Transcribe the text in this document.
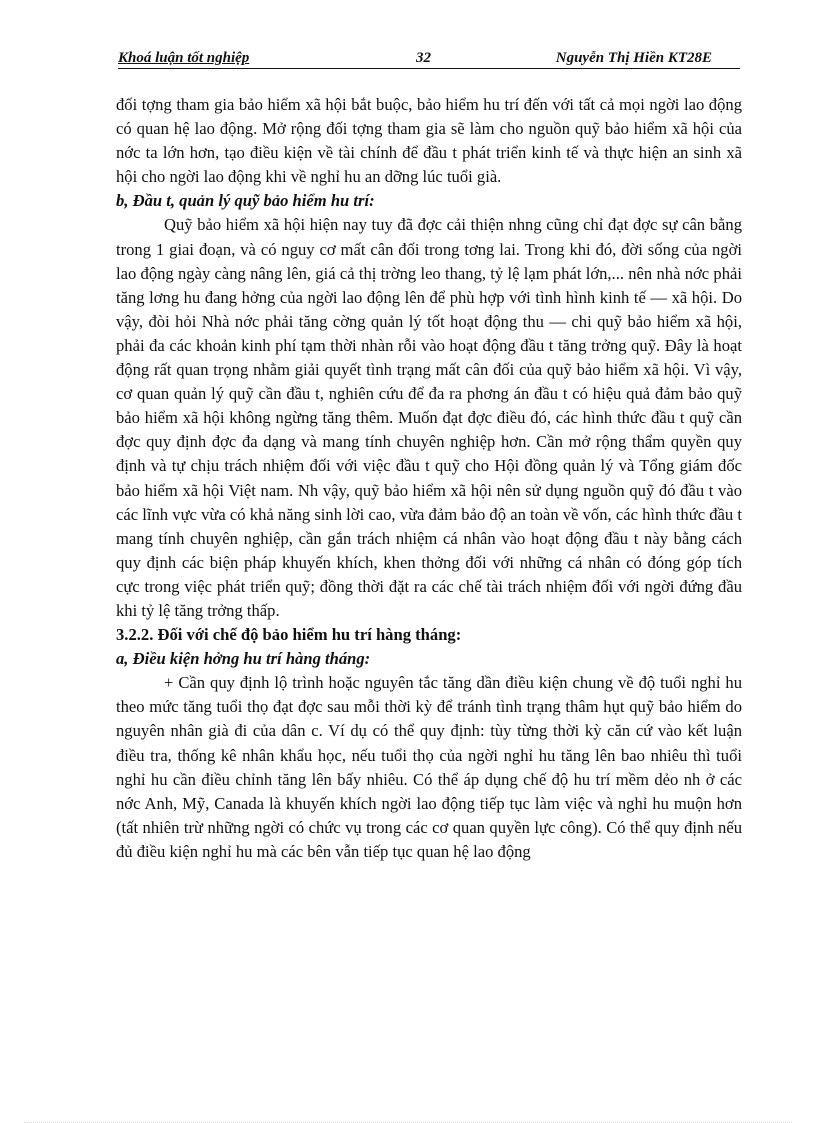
Khoá luận tốt nghiệp	32	Nguyễn Thị Hiền KT28E

đối tợng tham gia bảo hiểm xã hội bắt buộc, bảo hiểm hu trí đến với tất cả mọi ngời lao động có quan hệ lao động. Mở rộng đối tợng tham gia sẽ làm cho nguồn quỹ bảo hiểm xã hội của nớc ta lớn hơn, tạo điều kiện về tài chính để đầu t phát triển kinh tế và thực hiện an sinh xã hội cho ngời lao động khi về nghỉ hu an dỡng lúc tuổi già.

b, Đầu t, quản lý quỹ bảo hiểm hu trí:

Quỹ bảo hiểm xã hội hiện nay tuy đã đợc cải thiện nhng cũng chỉ đạt đợc sự cân bằng trong 1 giai đoạn, và có nguy cơ mất cân đối trong tơng lai. Trong khi đó, đời sống của ngời lao động ngày càng nâng lên, giá cả thị trờng leo thang, tỷ lệ lạm phát lớn,... nên nhà nớc phải tăng lơng hu đang hởng của ngời lao động lên để phù hợp với tình hình kinh tế — xã hội. Do vậy, đòi hỏi Nhà nớc phải tăng cờng quản lý tốt hoạt động thu — chi quỹ bảo hiểm xã hội, phải đa các khoản kinh phí tạm thời nhàn rỗi vào hoạt động đầu t tăng trởng quỹ. Đây là hoạt động rất quan trọng nhằm giải quyết tình trạng mất cân đối của quỹ bảo hiểm xã hội. Vì vậy, cơ quan quản lý quỹ cần đầu t, nghiên cứu để đa ra phơng án đầu t có hiệu quả đảm bảo quỹ bảo hiểm xã hội không ngừng tăng thêm. Muốn đạt đợc điều đó, các hình thức đầu t quỹ cần đợc quy định đợc đa dạng và mang tính chuyên nghiệp hơn. Cần mở rộng thẩm quyền quy định và tự chịu trách nhiệm đối với việc đầu t quỹ cho Hội đồng quản lý và Tổng giám đốc bảo hiểm xã hội Việt nam. Nh vậy, quỹ bảo hiểm xã hội nên sử dụng nguồn quỹ đó đầu t vào các lĩnh vực vừa có khả năng sinh lời cao, vừa đảm bảo độ an toàn về vốn, các hình thức đầu t mang tính chuyên nghiệp, cần gắn trách nhiệm cá nhân vào hoạt động đầu t này bằng cách quy định các biện pháp khuyến khích, khen thởng đối với những cá nhân có đóng góp tích cực trong việc phát triển quỹ; đồng thời đặt ra các chế tài trách nhiệm đối với ngời đứng đầu khi tỷ lệ tăng trởng thấp.

3.2.2. Đối với chế độ bảo hiểm hu trí hàng tháng:

a, Điều kiện hởng hu trí hàng tháng:

+ Cần quy định lộ trình hoặc nguyên tắc tăng dần điều kiện chung về độ tuổi nghỉ hu theo mức tăng tuổi thọ đạt đợc sau mỗi thời kỳ để tránh tình trạng thâm hụt quỹ bảo hiểm do nguyên nhân già đi của dân c. Ví dụ có thể quy định: tùy từng thời kỳ căn cứ vào kết luận điều tra, thống kê nhân khẩu học, nếu tuổi thọ của ngời nghỉ hu tăng lên bao nhiêu thì tuổi nghỉ hu cần điều chỉnh tăng lên bấy nhiêu. Có thể áp dụng chế độ hu trí mềm dẻo nh ở các nớc Anh, Mỹ, Canada là khuyến khích ngời lao động tiếp tục làm việc và nghỉ hu muộn hơn (tất nhiên trừ những ngời có chức vụ trong các cơ quan quyền lực công). Có thể quy định nếu đủ điều kiện nghỉ hu mà các bên vẫn tiếp tục quan hệ lao động
